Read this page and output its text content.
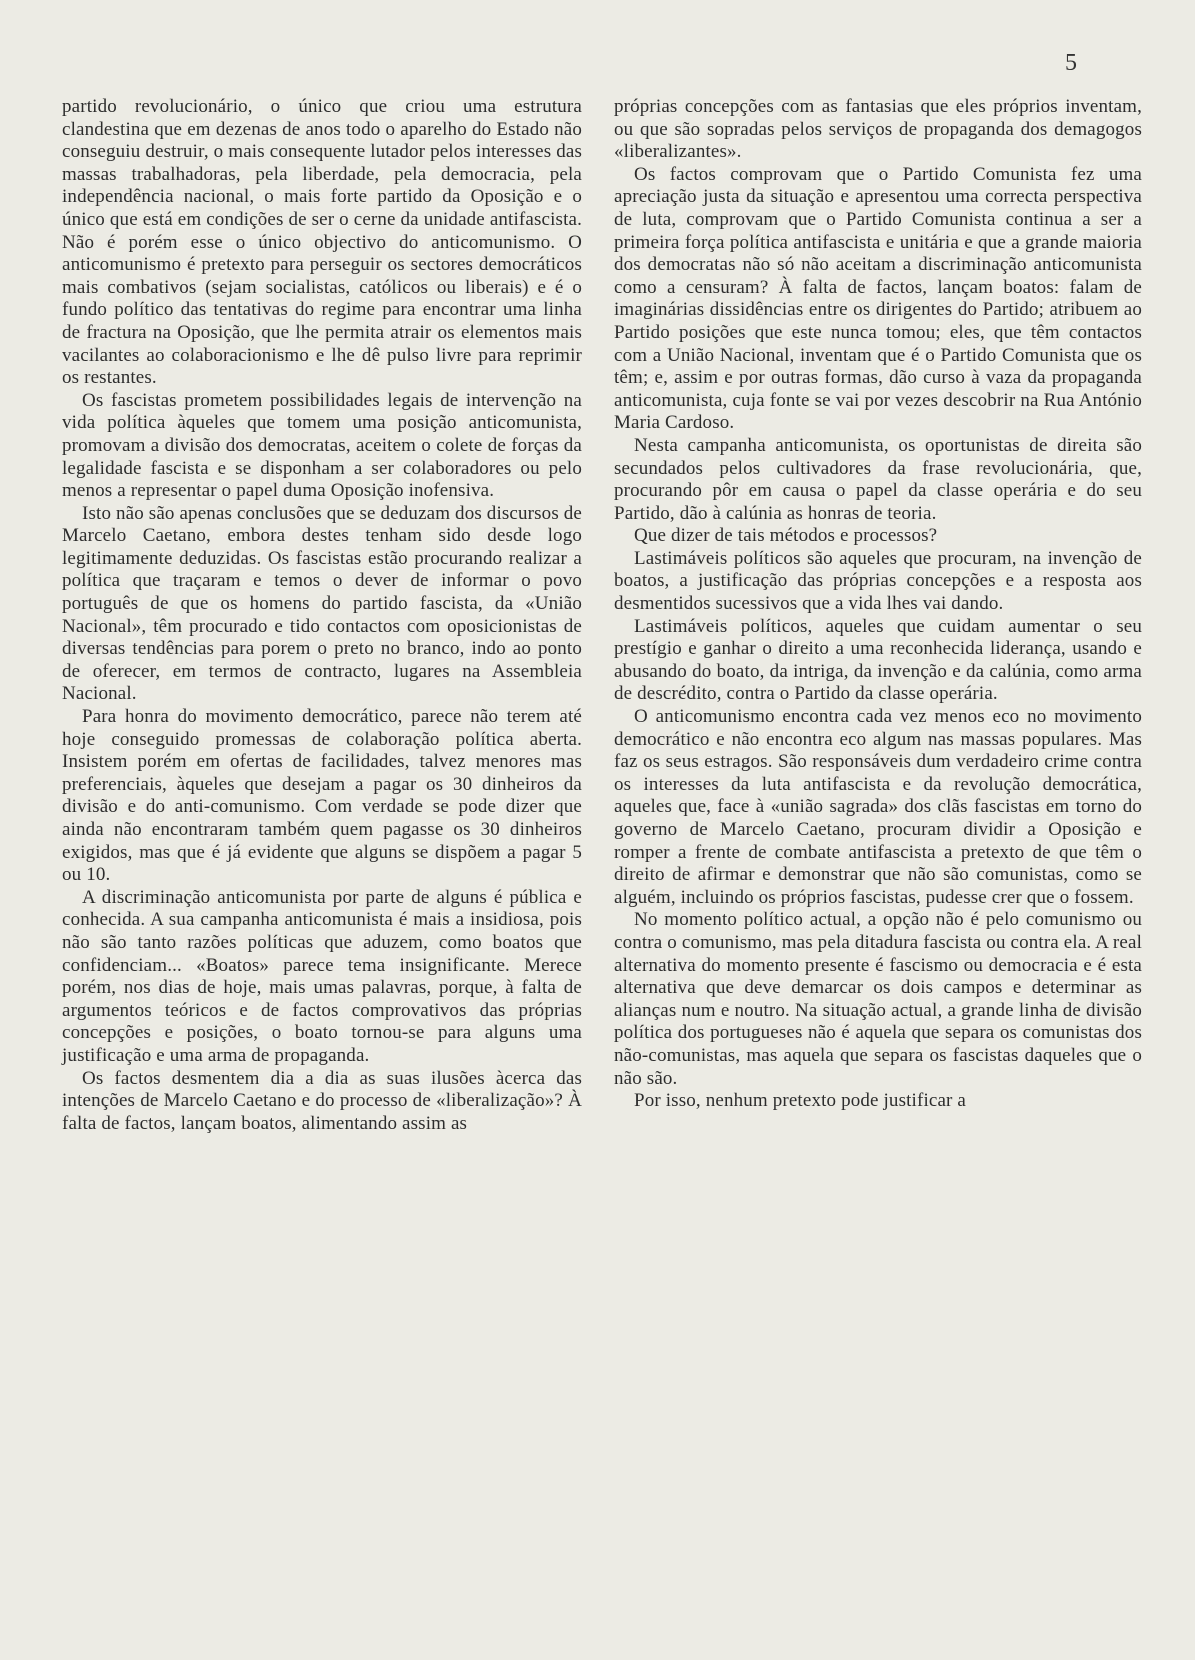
5

partido revolucionário, o único que criou uma estrutura clandestina que em dezenas de anos todo o aparelho do Estado não conseguiu destruir, o mais consequente lutador pelos interesses das massas trabalhadoras, pela liberdade, pela democracia, pela independência nacional, o mais forte partido da Oposição e o único que está em condições de ser o cerne da unidade antifascista. Não é porém esse o único objectivo do anticomunismo. O anticomunismo é pretexto para perseguir os sectores democráticos mais combativos (sejam socialistas, católicos ou liberais) e é o fundo político das tentativas do regime para encontrar uma linha de fractura na Oposição, que lhe permita atrair os elementos mais vacilantes ao colaboracionismo e lhe dê pulso livre para reprimir os restantes.

Os fascistas prometem possibilidades legais de intervenção na vida política àqueles que tomem uma posição anticomunista, promovam a divisão dos democratas, aceitem o colete de forças da legalidade fascista e se disponham a ser colaboradores ou pelo menos a representar o papel duma Oposição inofensiva.

Isto não são apenas conclusões que se deduzam dos discursos de Marcelo Caetano, embora destes tenham sido desde logo legitimamente deduzidas. Os fascistas estão procurando realizar a política que traçaram e temos o dever de informar o povo português de que os homens do partido fascista, da «União Nacional», têm procurado e tido contactos com oposicionistas de diversas tendências para porem o preto no branco, indo ao ponto de oferecer, em termos de contracto, lugares na Assembleia Nacional.

Para honra do movimento democrático, parece não terem até hoje conseguido promessas de colaboração política aberta. Insistem porém em ofertas de facilidades, talvez menores mas preferenciais, àqueles que desejam a pagar os 30 dinheiros da divisão e do anti-comunismo. Com verdade se pode dizer que ainda não encontraram também quem pagasse os 30 dinheiros exigidos, mas que é já evidente que alguns se dispõem a pagar 5 ou 10.

A discriminação anticomunista por parte de alguns é pública e conhecida. A sua campanha anticomunista é mais a insidiosa, pois não são tanto razões políticas que aduzem, como boatos que confidenciam... «Boatos» parece tema insignificante. Merece porém, nos dias de hoje, mais umas palavras, porque, à falta de argumentos teóricos e de factos comprovativos das próprias concepções e posições, o boato tornou-se para alguns uma justificação e uma arma de propaganda.

Os factos desmentem dia a dia as suas ilusões àcerca das intenções de Marcelo Caetano e do processo de «liberalização»? À falta de factos, lançam boatos, alimentando assim as

próprias concepções com as fantasias que eles próprios inventam, ou que são sopradas pelos serviços de propaganda dos demagogos «liberalizantes».

Os factos comprovam que o Partido Comunista fez uma apreciação justa da situação e apresentou uma correcta perspectiva de luta, comprovam que o Partido Comunista continua a ser a primeira força política antifascista e unitária e que a grande maioria dos democratas não só não aceitam a discriminação anticomunista como a censuram? À falta de factos, lançam boatos: falam de imaginárias dissidências entre os dirigentes do Partido; atribuem ao Partido posições que este nunca tomou; eles, que têm contactos com a União Nacional, inventam que é o Partido Comunista que os têm; e, assim e por outras formas, dão curso à vaza da propaganda anticomunista, cuja fonte se vai por vezes descobrir na Rua António Maria Cardoso.

Nesta campanha anticomunista, os oportunistas de direita são secundados pelos cultivadores da frase revolucionária, que, procurando pôr em causa o papel da classe operária e do seu Partido, dão à calúnia as honras de teoria.

Que dizer de tais métodos e processos?

Lastimáveis políticos são aqueles que procuram, na invenção de boatos, a justificação das próprias concepções e a resposta aos desmentidos sucessivos que a vida lhes vai dando.

Lastimáveis políticos, aqueles que cuidam aumentar o seu prestígio e ganhar o direito a uma reconhecida liderança, usando e abusando do boato, da intriga, da invenção e da calúnia, como arma de descrédito, contra o Partido da classe operária.

O anticomunismo encontra cada vez menos eco no movimento democrático e não encontra eco algum nas massas populares. Mas faz os seus estragos. São responsáveis dum verdadeiro crime contra os interesses da luta antifascista e da revolução democrática, aqueles que, face à «união sagrada» dos clãs fascistas em torno do governo de Marcelo Caetano, procuram dividir a Oposição e romper a frente de combate antifascista a pretexto de que têm o direito de afirmar e demonstrar que não são comunistas, como se alguém, incluindo os próprios fascistas, pudesse crer que o fossem.

No momento político actual, a opção não é pelo comunismo ou contra o comunismo, mas pela ditadura fascista ou contra ela. A real alternativa do momento presente é fascismo ou democracia e é esta alternativa que deve demarcar os dois campos e determinar as alianças num e noutro. Na situação actual, a grande linha de divisão política dos portugueses não é aquela que separa os comunistas dos não-comunistas, mas aquela que separa os fascistas daqueles que o não são.

Por isso, nenhum pretexto pode justificar a
